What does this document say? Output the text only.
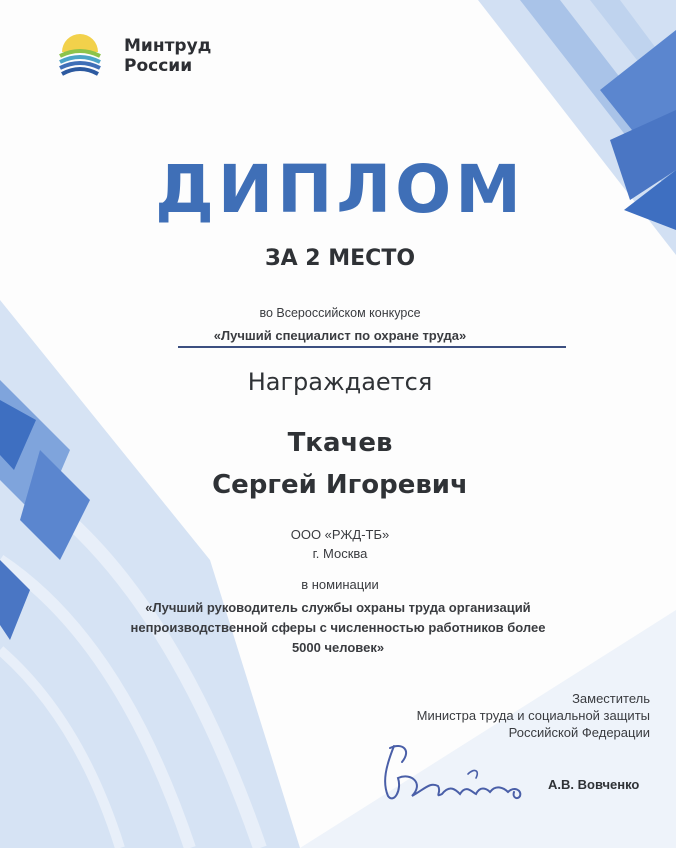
Минтруд
России
ДИПЛОМ
ЗА 2 МЕСТО
во Всероссийском конкурсе
«Лучший специалист по охране труда»
Награждается
Ткачев
Сергей Игоревич
ООО «РЖД-ТБ»
г. Москва
в номинации
«Лучший руководитель службы охраны труда организаций
непроизводственной сферы с численностью работников более
5000 человек»
Заместитель
Министра труда и социальной защиты
Российской Федерации
А.В. Вовченко
